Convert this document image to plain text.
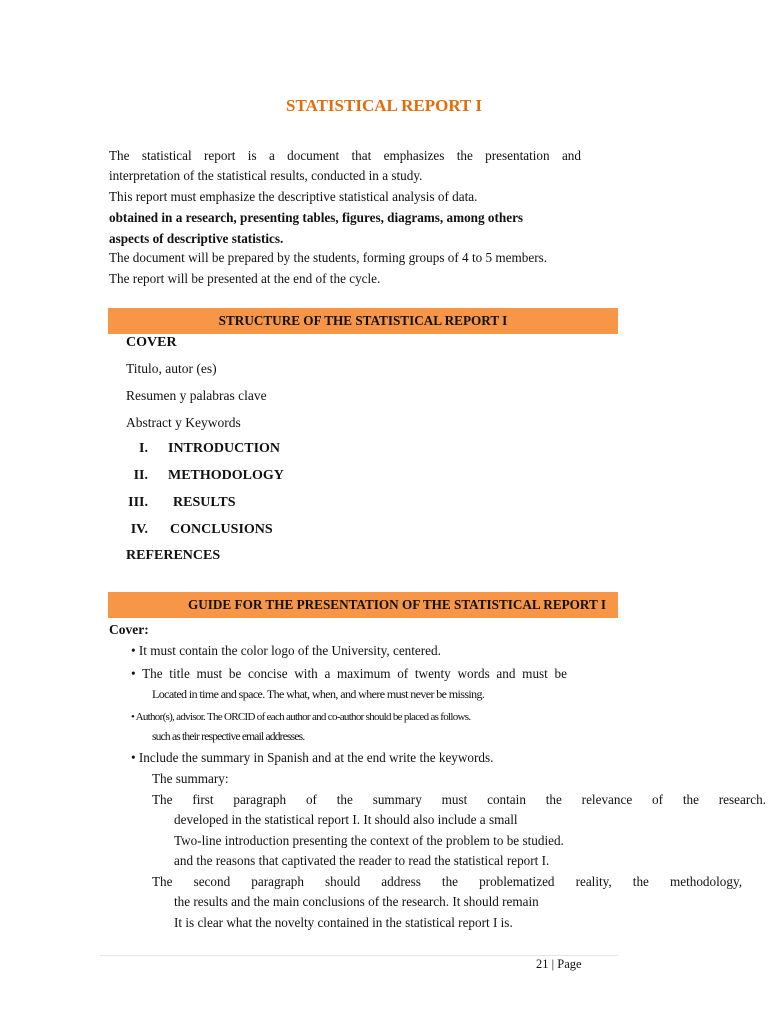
STATISTICAL REPORT I
The statistical report is a document that emphasizes the presentation and
interpretation of the statistical results, conducted in a study.
This report must emphasize the descriptive statistical analysis of data.
obtained in a research, presenting tables, figures, diagrams, among others
aspects of descriptive statistics.
The document will be prepared by the students, forming groups of 4 to 5 members.
The report will be presented at the end of the cycle.
STRUCTURE OF THE STATISTICAL REPORT I
COVER
Titulo, autor (es)
Resumen y palabras clave
Abstract y Keywords
I. INTRODUCTION
II. METHODOLOGY
III. RESULTS
IV. CONCLUSIONS
REFERENCES
GUIDE FOR THE PRESENTATION OF THE STATISTICAL REPORT I
Cover:
• It must contain the color logo of the University, centered.
• The title must be concise with a maximum of twenty words and must be
Located in time and space. The what, when, and where must never be missing.
• Author(s), advisor. The ORCID of each author and co-author should be placed as follows.
such as their respective email addresses.
• Include the summary in Spanish and at the end write the keywords.
The summary:
The first paragraph of the summary must contain the relevance of the research.
developed in the statistical report I. It should also include a small
Two-line introduction presenting the context of the problem to be studied.
and the reasons that captivated the reader to read the statistical report I.
The second paragraph should address the problematized reality, the methodology,
the results and the main conclusions of the research. It should remain
It is clear what the novelty contained in the statistical report I is.
21 | Page
